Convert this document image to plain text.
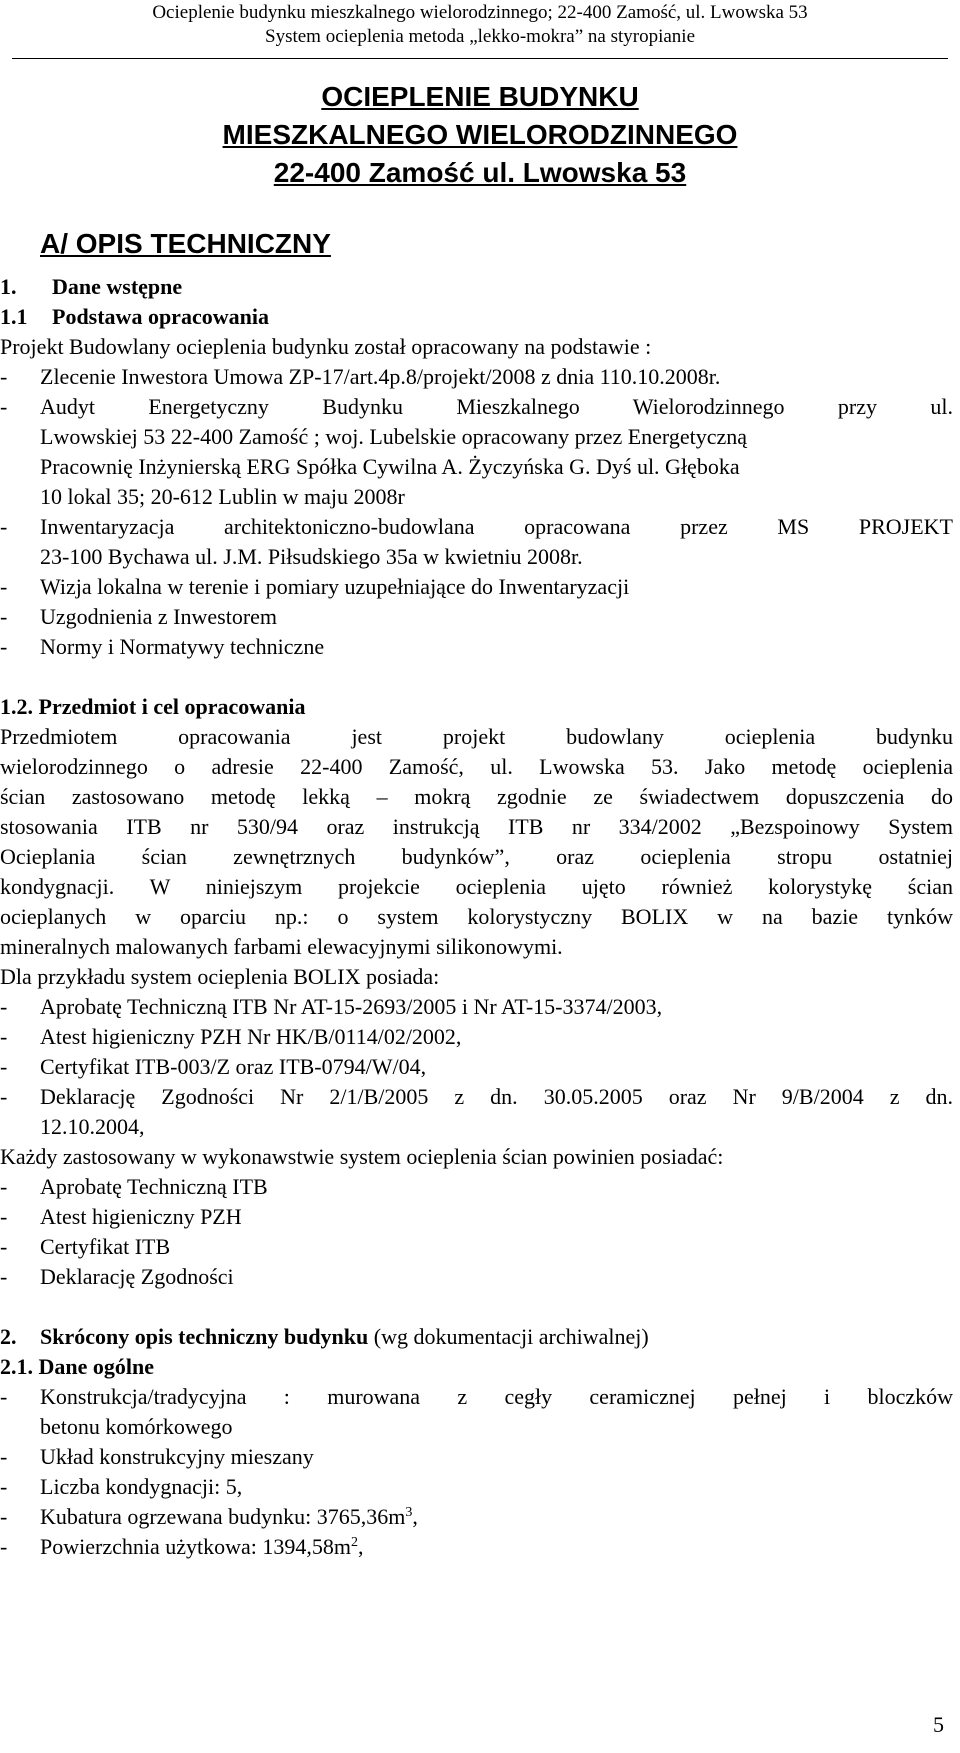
Ocieplenie budynku mieszkalnego wielorodzinnego; 22-400 Zamość, ul. Lwowska 53
System ocieplenia metoda „lekko-mokra” na styropianie
OCIEPLENIE BUDYNKU
MIESZKALNEGO WIELORODZINNEGO
22-400 Zamość ul. Lwowska 53
A/ OPIS TECHNICZNY
1. Dane wstępne
1.1 Podstawa opracowania
Projekt Budowlany ocieplenia budynku został opracowany na podstawie :
- Zlecenie Inwestora Umowa ZP-17/art.4p.8/projekt/2008 z dnia 110.10.2008r.
- Audyt Energetyczny Budynku Mieszkalnego Wielorodzinnego przy ul.
Lwowskiej 53 22-400 Zamość ; woj. Lubelskie opracowany przez Energetyczną
Pracownię Inżynierską ERG Spółka Cywilna A. Życzyńska G. Dyś ul. Głęboka
10 lokal 35; 20-612 Lublin w maju 2008r
- Inwentaryzacja architektoniczno-budowlana opracowana przez MS PROJEKT
23-100 Bychawa ul. J.M. Piłsudskiego 35a w kwietniu 2008r.
- Wizja lokalna w terenie i pomiary uzupełniające do Inwentaryzacji
- Uzgodnienia z Inwestorem
- Normy i Normatywy techniczne
1.2. Przedmiot i cel opracowania
Przedmiotem opracowania jest projekt budowlany ocieplenia budynku
wielorodzinnego o adresie 22-400 Zamość, ul. Lwowska 53. Jako metodę ocieplenia
ścian zastosowano metodę lekką – mokrą zgodnie ze świadectwem dopuszczenia do
stosowania ITB nr 530/94 oraz instrukcją ITB nr 334/2002 „Bezspoinowy System
Ocieplania ścian zewnętrznych budynków”, oraz ocieplenia stropu ostatniej
kondygnacji. W niniejszym projekcie ocieplenia ujęto również kolorystykę ścian
ocieplanych w oparciu np.: o system kolorystyczny BOLIX w na bazie tynków
mineralnych malowanych farbami elewacyjnymi silikonowymi.
Dla przykładu system ocieplenia BOLIX posiada:
- Aprobatę Techniczną ITB Nr AT-15-2693/2005 i Nr AT-15-3374/2003,
- Atest higieniczny PZH Nr HK/B/0114/02/2002,
- Certyfikat ITB-003/Z oraz ITB-0794/W/04,
- Deklarację Zgodności Nr 2/1/B/2005 z dn. 30.05.2005 oraz Nr 9/B/2004 z dn.
12.10.2004,
Każdy zastosowany w wykonawstwie system ocieplenia ścian powinien posiadać:
- Aprobatę Techniczną ITB
- Atest higieniczny PZH
- Certyfikat ITB
- Deklarację Zgodności
2. Skrócony opis techniczny budynku (wg dokumentacji archiwalnej)
2.1. Dane ogólne
- Konstrukcja/tradycyjna : murowana z cegły ceramicznej pełnej i bloczków
betonu komórkowego
- Układ konstrukcyjny mieszany
- Liczba kondygnacji: 5,
- Kubatura ogrzewana budynku: $3765,36m^3$,
- Powierzchnia użytkowa: $1394,58m^2$,
5
